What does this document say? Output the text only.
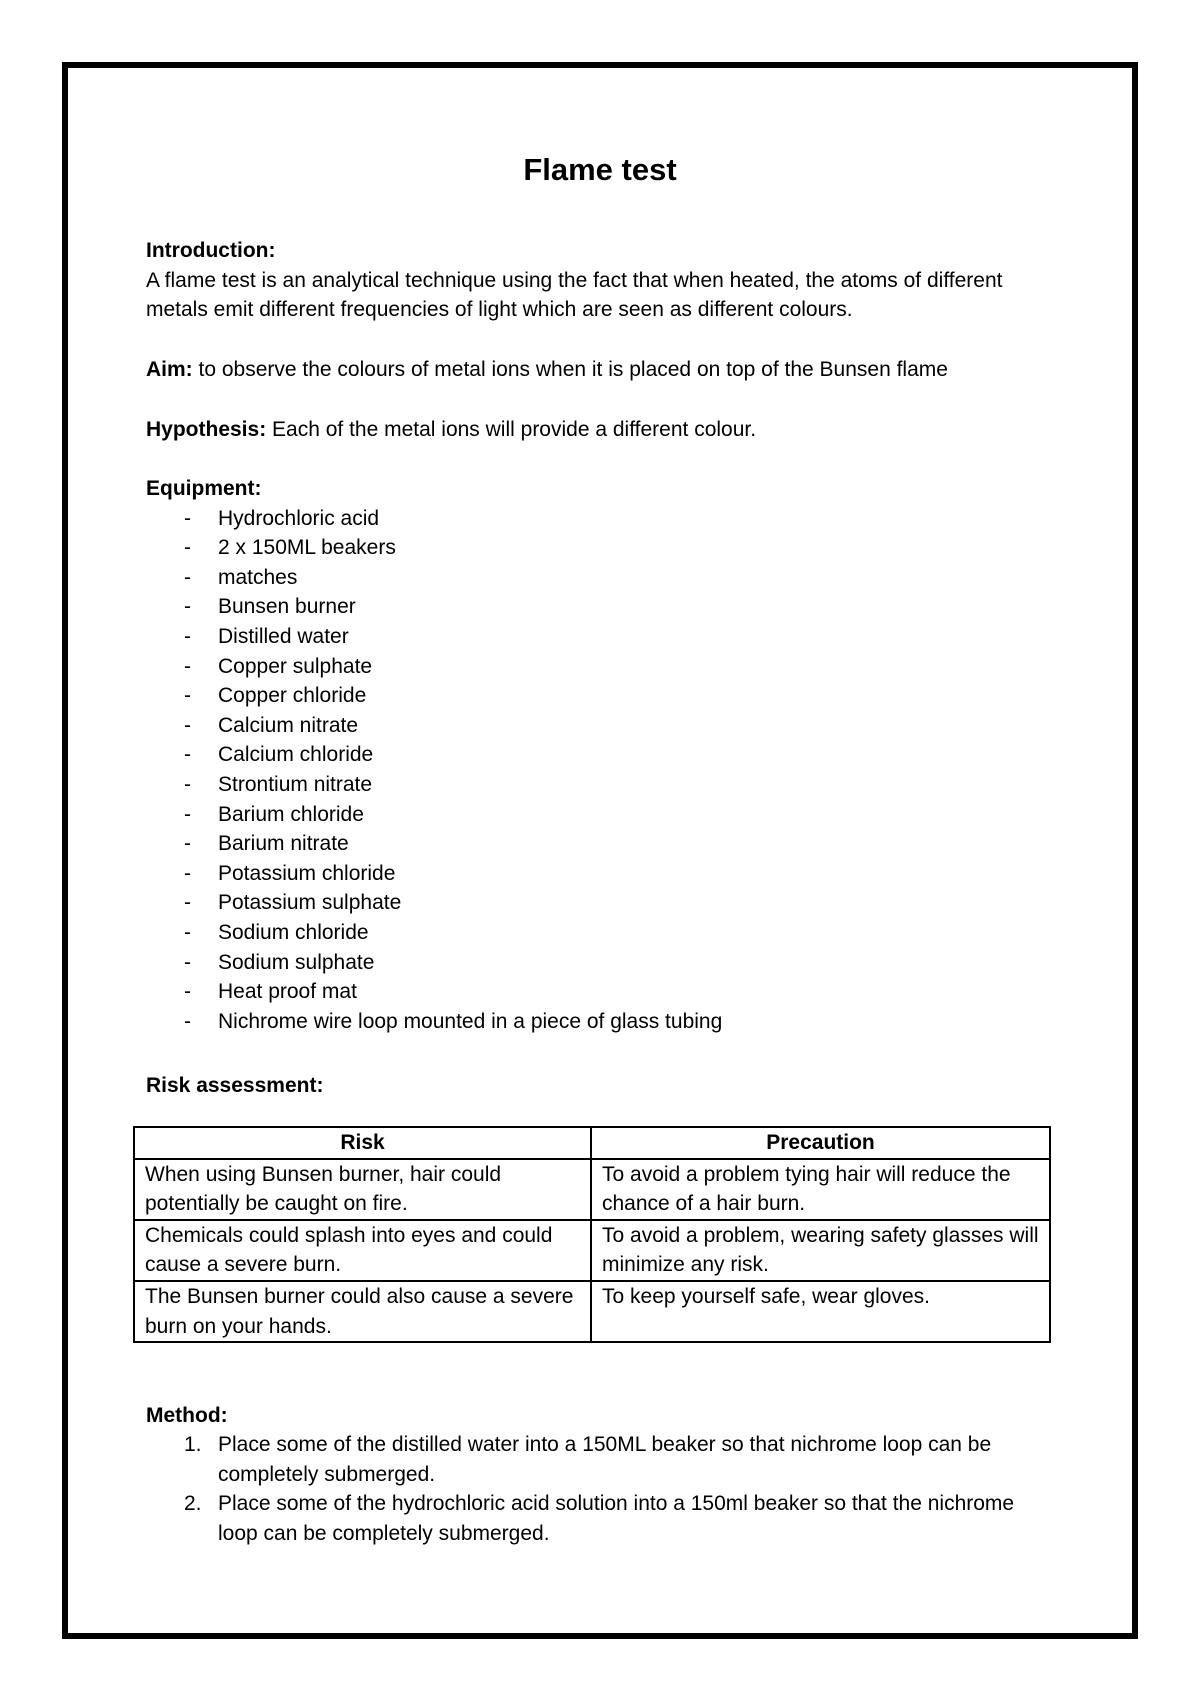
Flame test

Introduction:

A flame test is an analytical technique using the fact that when heated, the atoms of different metals emit different frequencies of light which are seen as different colours.

Aim: to observe the colours of metal ions when it is placed on top of the Bunsen flame
Hypothesis: Each of the metal ions will provide a different colour.
Equipment:
- Hydrochloric acid
- 2 x 150ML beakers
- matches
- Bunsen burner
- Distilled water
- Copper sulphate
- Copper chloride
- Calcium nitrate
- Calcium chloride
- Strontium nitrate
- Barium chloride
- Barium nitrate
- Potassium chloride
- Potassium sulphate
- Sodium chloride
- Sodium sulphate
- Heat proof mat
- Nichrome wire loop mounted in a piece of glass tubing
Risk assessment:
Risk	Precaution
When using Bunsen burner, hair could potentially be caught on fire.	To avoid a problem tying hair will reduce the chance of a hair burn.
Chemicals could splash into eyes and could cause a severe burn.	To avoid a problem, wearing safety glasses will minimize any risk.
The Bunsen burner could also cause a severe burn on your hands.	To keep yourself safe, wear gloves.
Method:
1. Place some of the distilled water into a 150ML beaker so that nichrome loop can be completely submerged.
2. Place some of the hydrochloric acid solution into a 150ml beaker so that the nichrome loop can be completely submerged.
